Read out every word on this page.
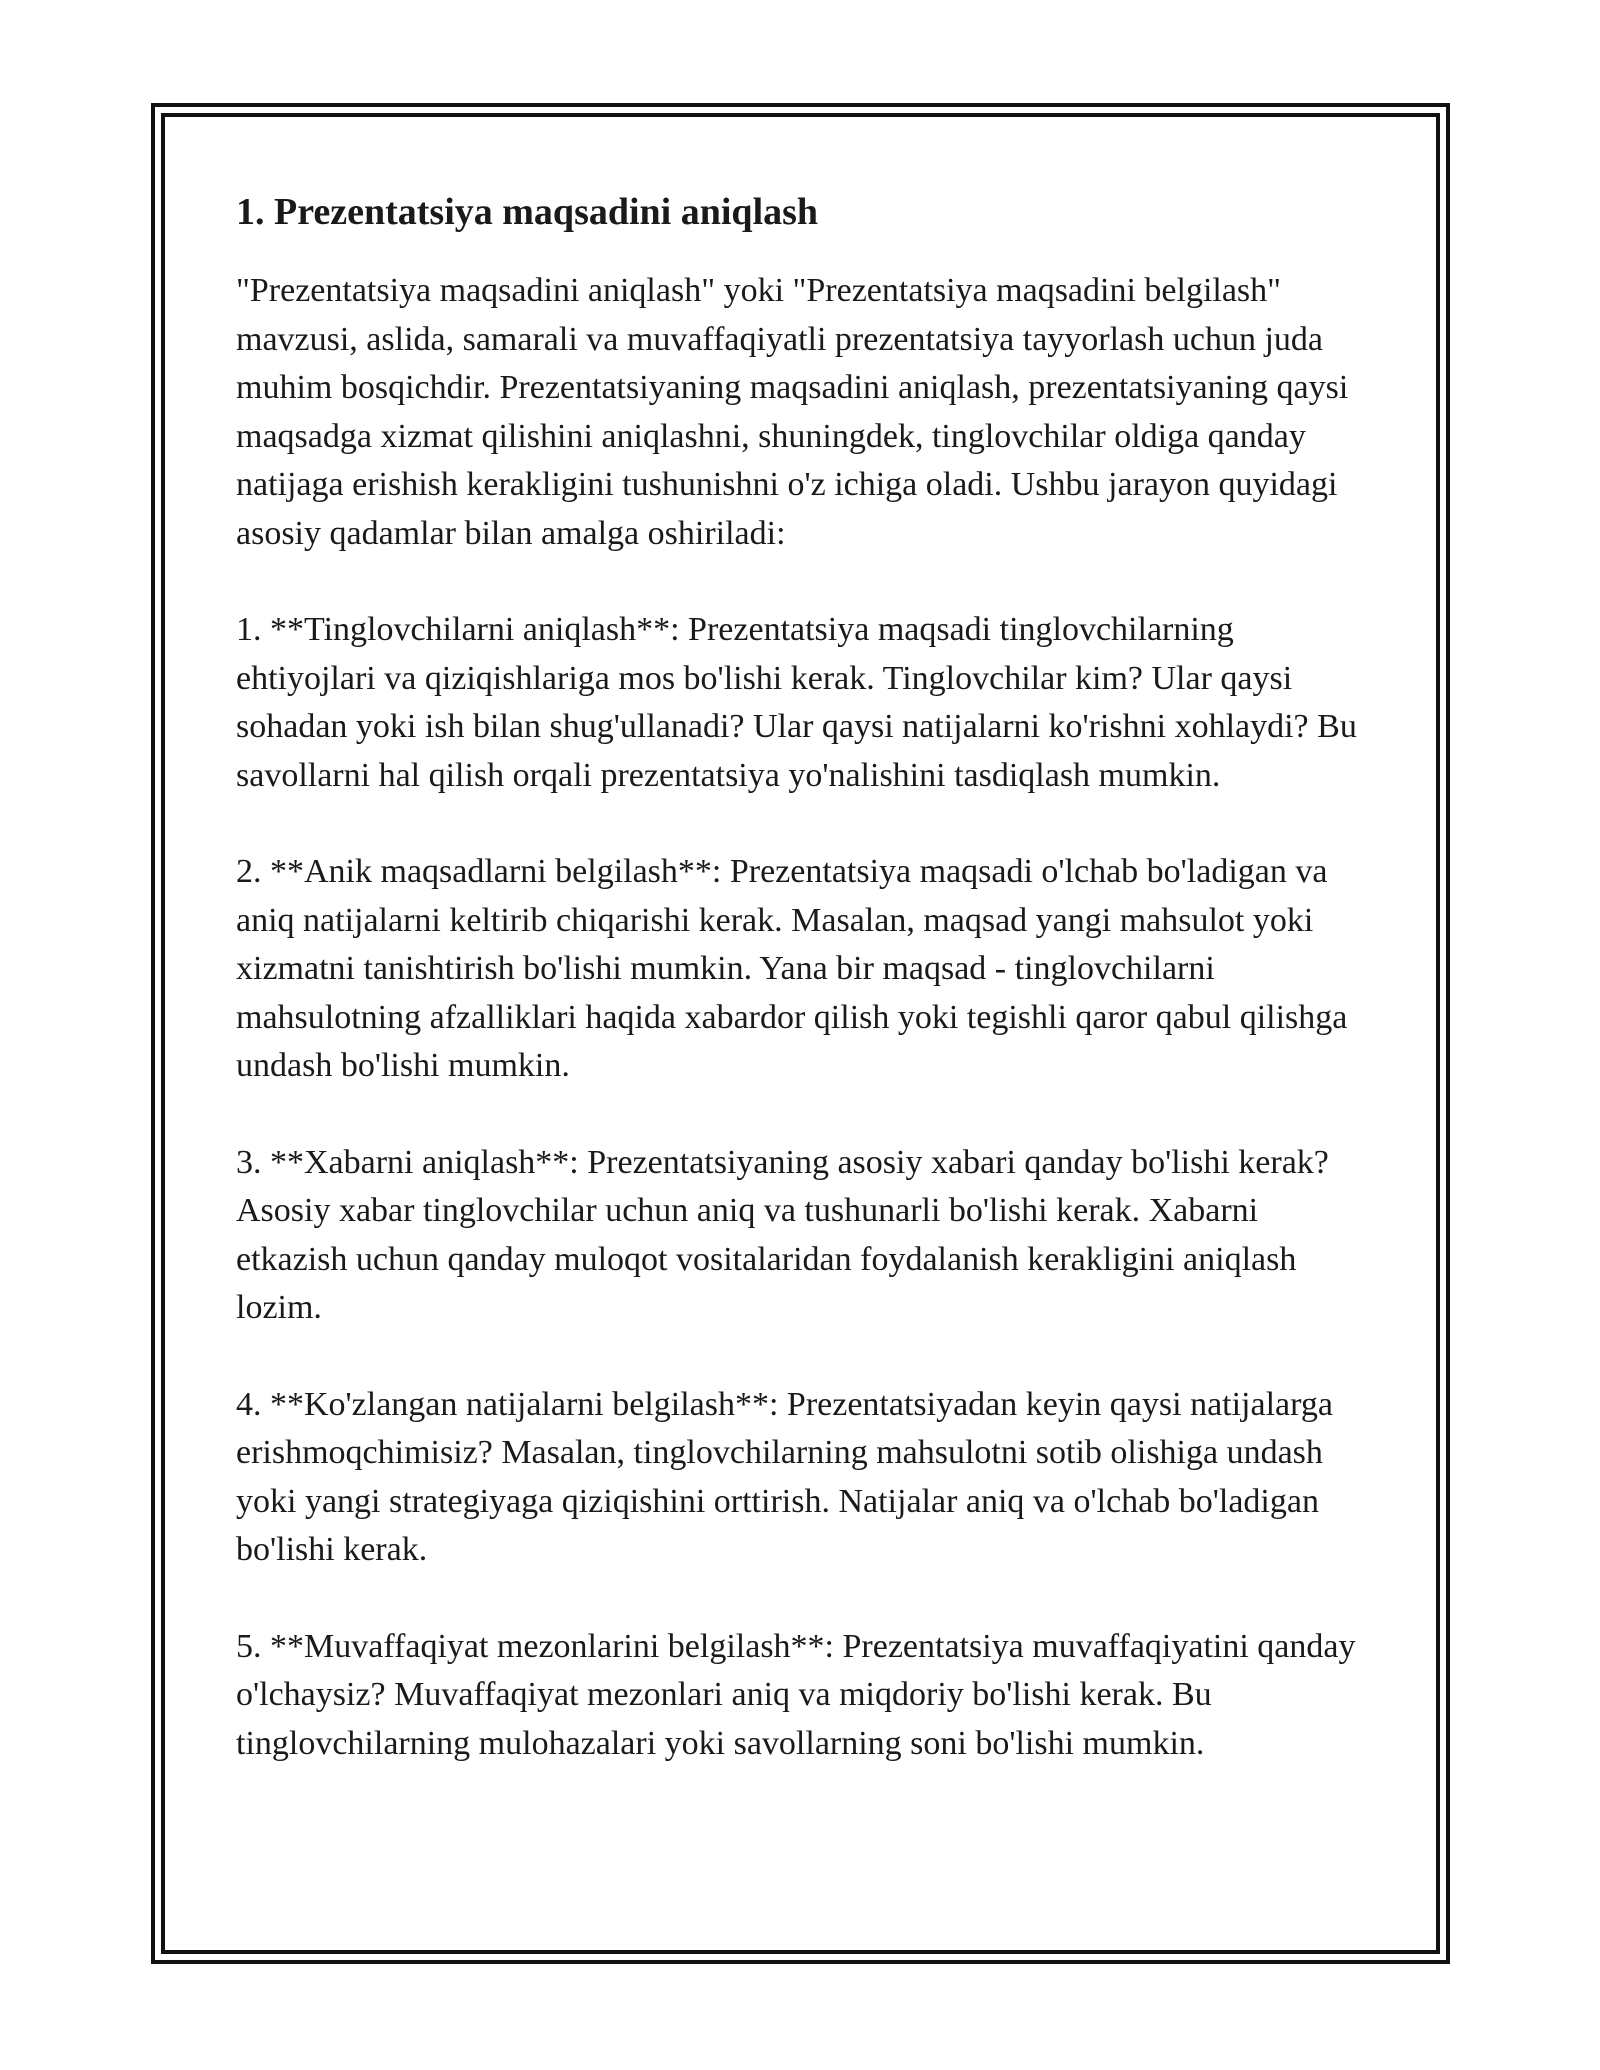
1. Prezentatsiya maqsadini aniqlash

"Prezentatsiya maqsadini aniqlash" yoki "Prezentatsiya maqsadini belgilash" mavzusi, aslida, samarali va muvaffaqiyatli prezentatsiya tayyorlash uchun juda muhim bosqichdir. Prezentatsiyaning maqsadini aniqlash, prezentatsiyaning qaysi maqsadga xizmat qilishini aniqlashni, shuningdek, tinglovchilar oldiga qanday natijaga erishish kerakligini tushunishni o'z ichiga oladi. Ushbu jarayon quyidagi asosiy qadamlar bilan amalga oshiriladi:

1. **Tinglovchilarni aniqlash**: Prezentatsiya maqsadi tinglovchilarning ehtiyojlari va qiziqishlariga mos bo'lishi kerak. Tinglovchilar kim? Ular qaysi sohadan yoki ish bilan shug'ullanadi? Ular qaysi natijalarni ko'rishni xohlaydi? Bu savollarni hal qilish orqali prezentatsiya yo'nalishini tasdiqlash mumkin.

2. **Anik maqsadlarni belgilash**: Prezentatsiya maqsadi o'lchab bo'ladigan va aniq natijalarni keltirib chiqarishi kerak. Masalan, maqsad yangi mahsulot yoki xizmatni tanishtirish bo'lishi mumkin. Yana bir maqsad - tinglovchilarni mahsulotning afzalliklari haqida xabardor qilish yoki tegishli qaror qabul qilishga undash bo'lishi mumkin.

3. **Xabarni aniqlash**: Prezentatsiyaning asosiy xabari qanday bo'lishi kerak? Asosiy xabar tinglovchilar uchun aniq va tushunarli bo'lishi kerak. Xabarni etkazish uchun qanday muloqot vositalaridan foydalanish kerakligini aniqlash lozim.

4. **Ko'zlangan natijalarni belgilash**: Prezentatsiyadan keyin qaysi natijalarga erishmoqchimisiz? Masalan, tinglovchilarning mahsulotni sotib olishiga undash yoki yangi strategiyaga qiziqishini orttirish. Natijalar aniq va o'lchab bo'ladigan bo'lishi kerak.

5. **Muvaffaqiyat mezonlarini belgilash**: Prezentatsiya muvaffaqiyatini qanday o'lchaysiz? Muvaffaqiyat mezonlari aniq va miqdoriy bo'lishi kerak. Bu tinglovchilarning mulohazalari yoki savollarning soni bo'lishi mumkin.
